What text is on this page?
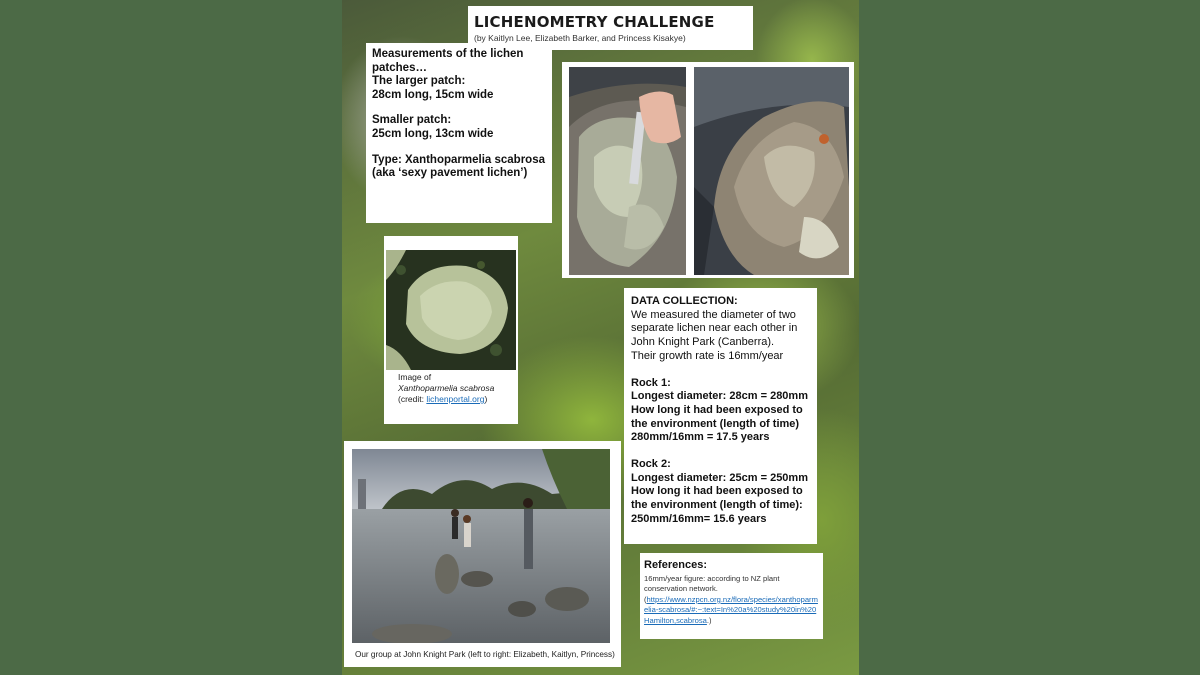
LICHENOMETRY CHALLENGE
(by Kaitlyn Lee, Elizabeth Barker, and Princess Kisakye)

Measurements of the lichen patches…
The larger patch:
28cm long, 15cm wide

Smaller patch:
25cm long, 13cm wide

Type: Xanthoparmelia scabrosa (aka ‘sexy pavement lichen’)

Image of
Xanthoparmelia scabrosa
(credit: lichenportal.org)

DATA COLLECTION:
We measured the diameter of two separate lichen near each other in John Knight Park (Canberra).
Their growth rate is 16mm/year

Rock 1:
Longest diameter: 28cm = 280mm
How long it had been exposed to the environment (length of time)
280mm/16mm = 17.5 years

Rock 2:
Longest diameter: 25cm = 250mm
How long it had been exposed to the environment (length of time):
250mm/16mm= 15.6 years

Our group at John Knight Park (left to right: Elizabeth, Kaitlyn, Princess)
References:
16mm/year figure: according to NZ plant conservation network.
(https://www.nzpcn.org.nz/flora/species/xanthoparmelia-scabrosa/#:~:text=In%20a%20study%20in%20Hamilton,scabrosa.)
